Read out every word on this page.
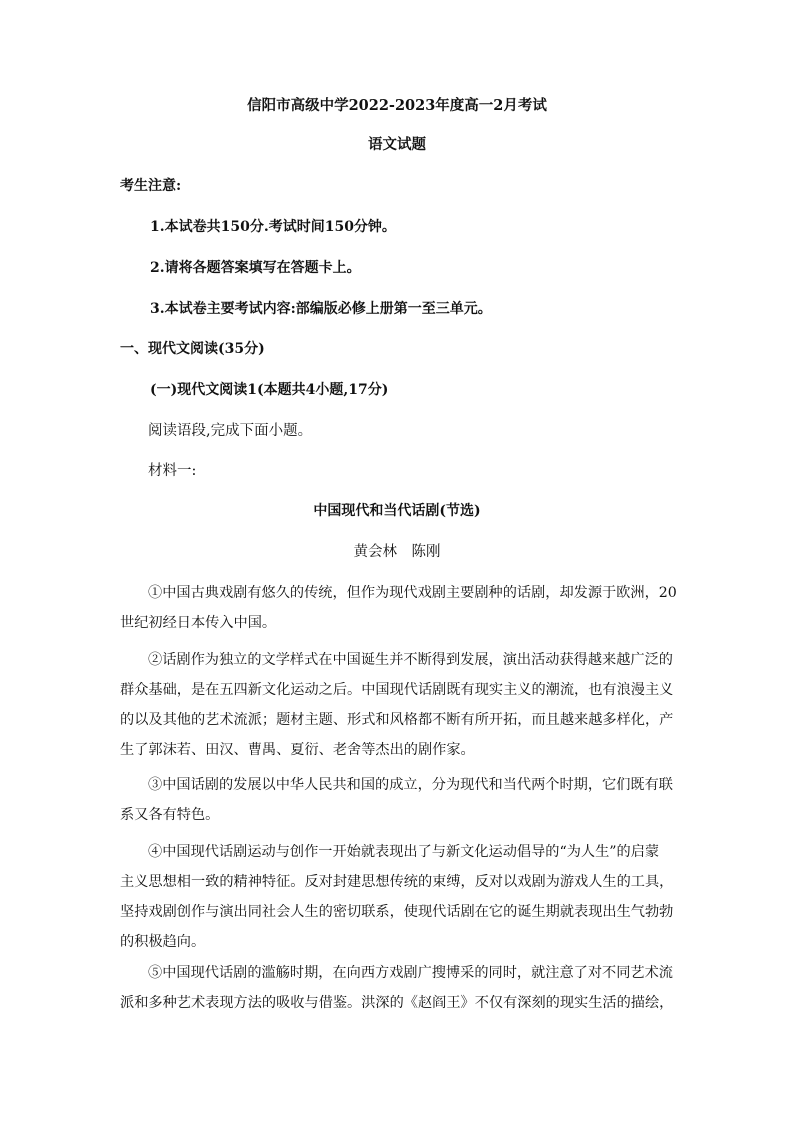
信阳市高级中学2022-2023年度高一2月考试
语文试题
考生注意:
1.本试卷共150分.考试时间150分钟。
2.请将各题答案填写在答题卡上。
3.本试卷主要考试内容:部编版必修上册第一至三单元。
一、现代文阅读(35分)
(一)现代文阅读1(本题共4小题,17分)
阅读语段,完成下面小题。
材料一:
中国现代和当代话剧(节选)
黄会林　陈刚
①中国古典戏剧有悠久的传统，但作为现代戏剧主要剧种的话剧，却发源于欧洲，20
世纪初经日本传入中国。
②话剧作为独立的文学样式在中国诞生并不断得到发展，演出活动获得越来越广泛的
群众基础，是在五四新文化运动之后。中国现代话剧既有现实主义的潮流，也有浪漫主义
的以及其他的艺术流派；题材主题、形式和风格都不断有所开拓，而且越来越多样化，产
生了郭沫若、田汉、曹禺、夏衍、老舍等杰出的剧作家。
③中国话剧的发展以中华人民共和国的成立，分为现代和当代两个时期，它们既有联
系又各有特色。
④中国现代话剧运动与创作一开始就表现出了与新文化运动倡导的“为人生”的启蒙
主义思想相一致的精神特征。反对封建思想传统的束缚，反对以戏剧为游戏人生的工具，
坚持戏剧创作与演出同社会人生的密切联系，使现代话剧在它的诞生期就表现出生气勃勃
的积极趋向。
⑤中国现代话剧的滥觞时期，在向西方戏剧广搜博采的同时，就注意了对不同艺术流
派和多种艺术表现方法的吸收与借鉴。洪深的《赵阎王》不仅有深刻的现实生活的描绘，
